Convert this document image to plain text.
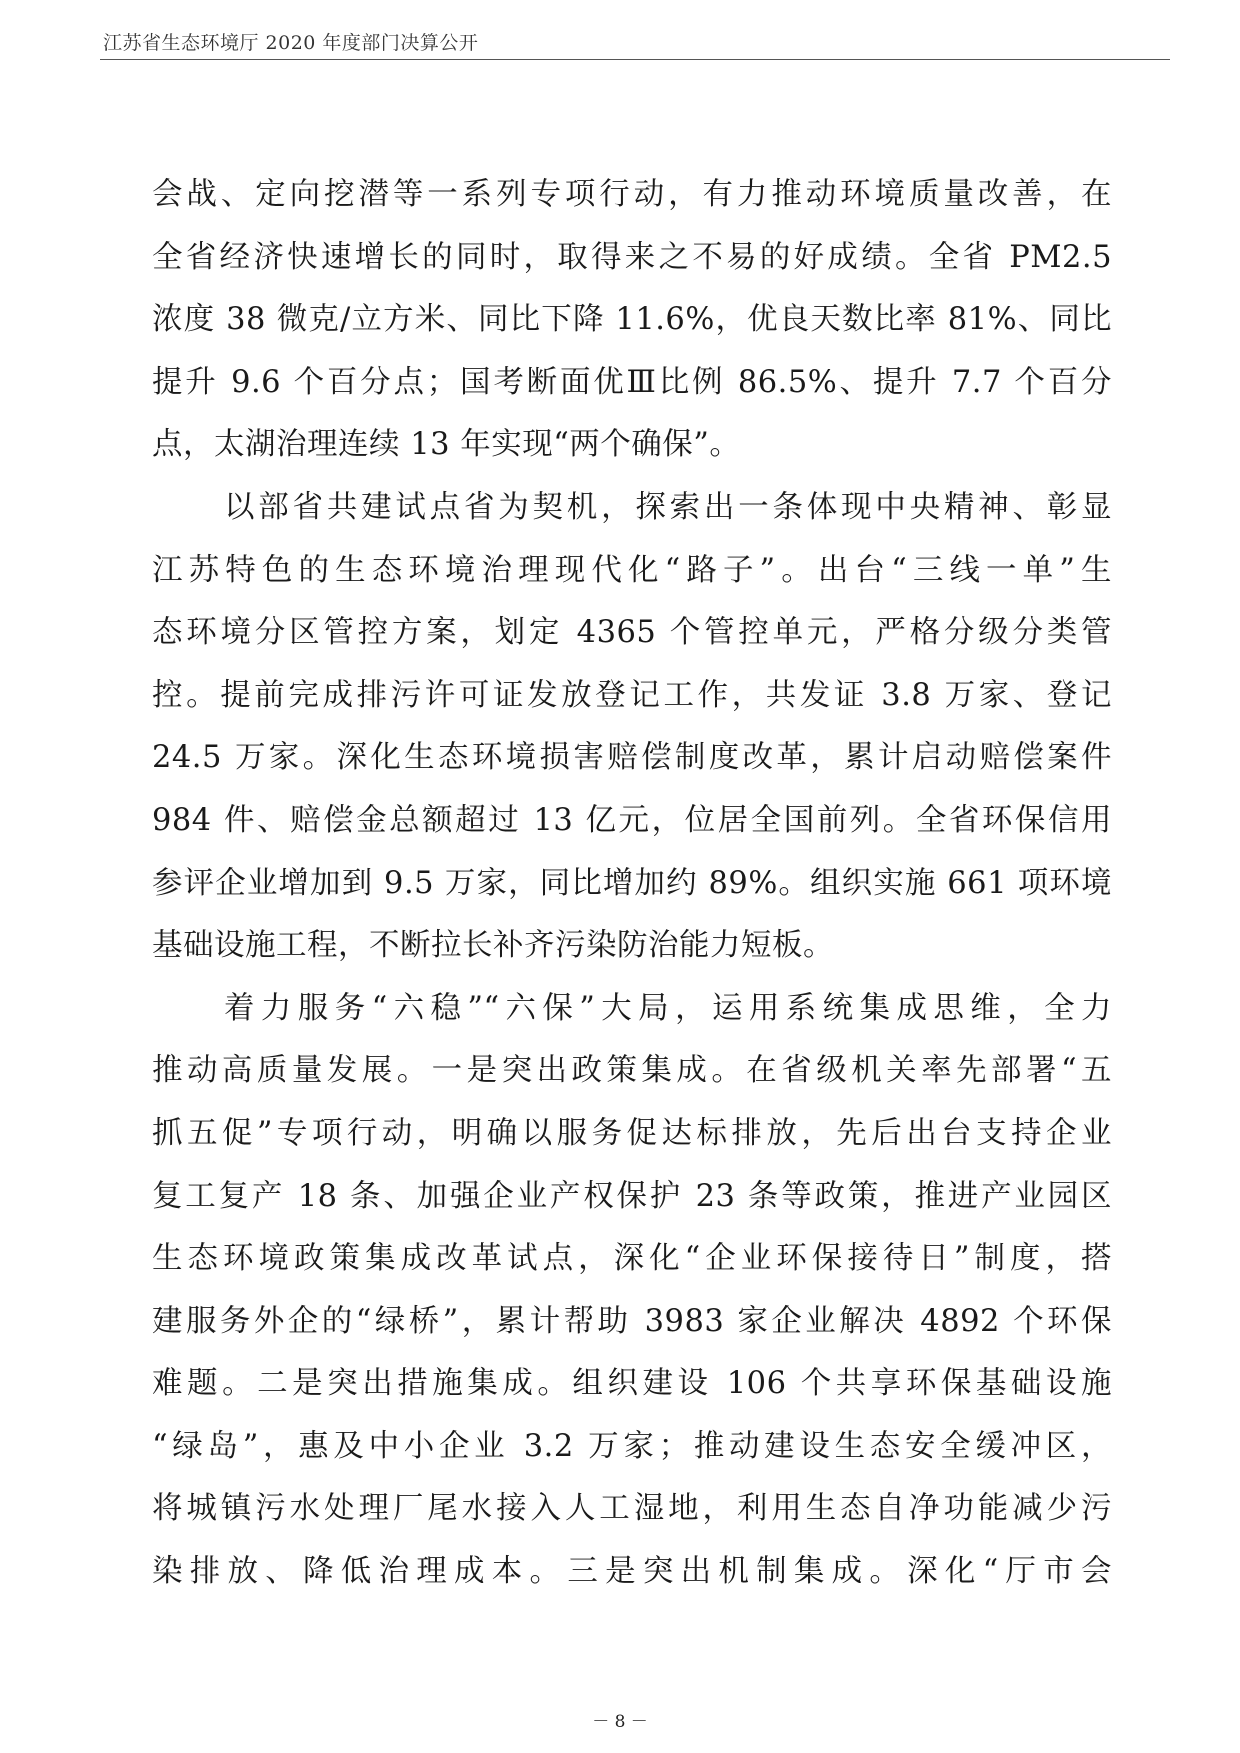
江苏省生态环境厅 2020 年度部门决算公开
会战、定向挖潜等一系列专项行动，有力推动环境质量改善，在
全省经济快速增长的同时，取得来之不易的好成绩。全省 PM2.5
浓度 38 微克/立方米、同比下降 11.6%，优良天数比率 81%、同比
提升 9.6 个百分点；国考断面优Ⅲ比例 86.5%、提升 7.7 个百分
点，太湖治理连续 13 年实现“两个确保”。
以部省共建试点省为契机，探索出一条体现中央精神、彰显
江苏特色的生态环境治理现代化“路子”。出台“三线一单”生
态环境分区管控方案，划定 4365 个管控单元，严格分级分类管
控。提前完成排污许可证发放登记工作，共发证 3.8 万家、登记
24.5 万家。深化生态环境损害赔偿制度改革，累计启动赔偿案件
984 件、赔偿金总额超过 13 亿元，位居全国前列。全省环保信用
参评企业增加到 9.5 万家，同比增加约 89%。组织实施 661 项环境
基础设施工程，不断拉长补齐污染防治能力短板。
着力服务“六稳”“六保”大局，运用系统集成思维，全力
推动高质量发展。一是突出政策集成。在省级机关率先部署“五
抓五促”专项行动，明确以服务促达标排放，先后出台支持企业
复工复产 18 条、加强企业产权保护 23 条等政策，推进产业园区
生态环境政策集成改革试点，深化“企业环保接待日”制度，搭
建服务外企的“绿桥”，累计帮助 3983 家企业解决 4892 个环保
难题。二是突出措施集成。组织建设 106 个共享环保基础设施
“绿岛”，惠及中小企业 3.2 万家；推动建设生态安全缓冲区，
将城镇污水处理厂尾水接入人工湿地，利用生态自净功能减少污
染排放、降低治理成本。三是突出机制集成。深化“厅市会
－ 8 －
